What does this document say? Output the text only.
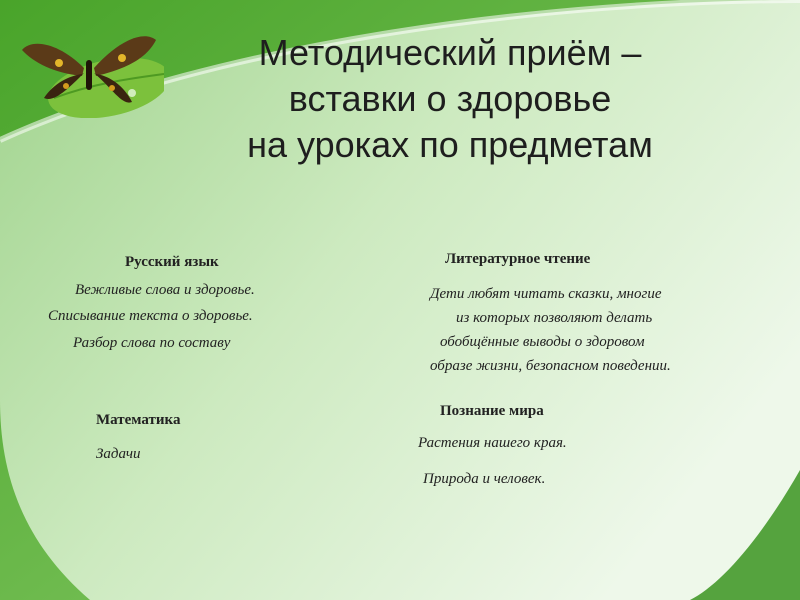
Методический приём –
вставки о здоровье
на уроках по предметам
Русский язык
Вежливые слова и здоровье.
Списывание текста о здоровье.
Разбор слова по составу
Литературное чтение
Дети любят читать сказки, многие
из которых позволяют делать
обобщённые выводы о здоровом
образе жизни, безопасном поведении.
Математика
Задачи
Познание мира
Растения нашего края.
Природа и человек.
